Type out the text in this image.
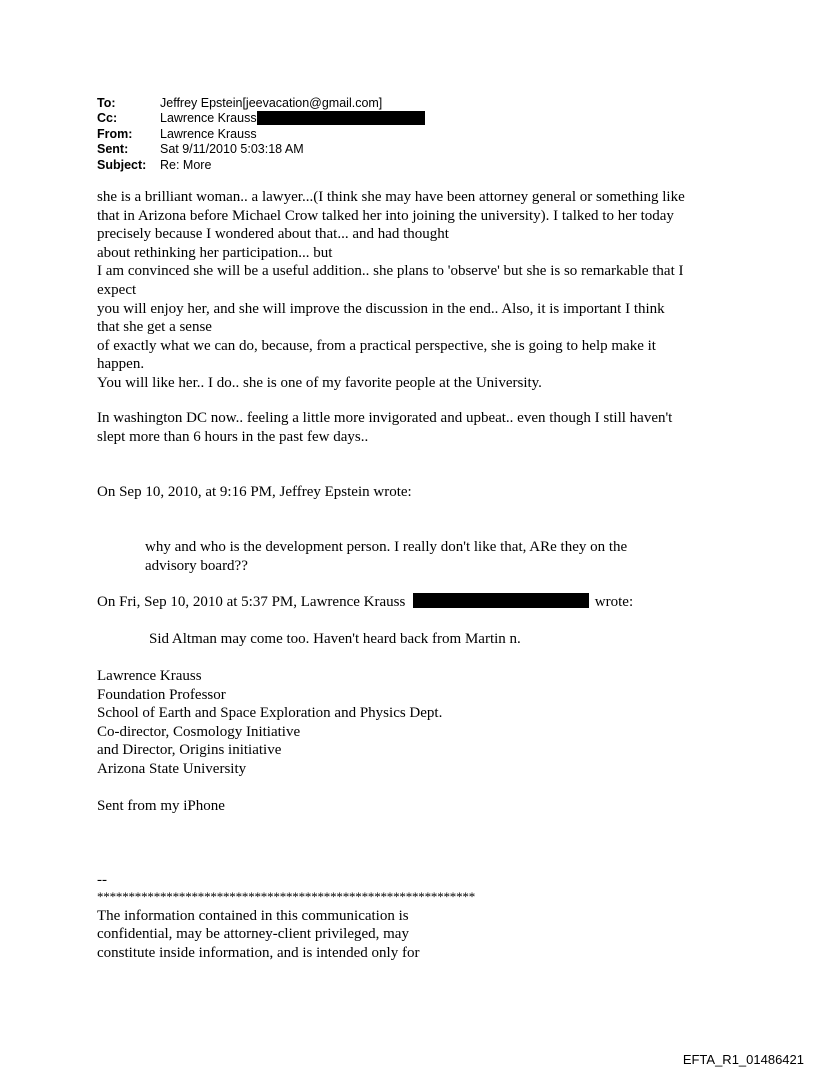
To:	Jeffrey Epstein[jeevacation@gmail.com]
Cc:	Lawrence Krauss
From:	Lawrence Krauss
Sent:	Sat 9/11/2010 5:03:18 AM
Subject:	Re: More
she is a brilliant woman.. a lawyer...(I think she may have been attorney general or something like
that in Arizona before Michael Crow talked her into joining the university). I talked to her today
precisely because I wondered about that... and had thought
about rethinking her participation... but
I am convinced she will be a useful addition.. she plans to 'observe' but she is so remarkable that I
expect
you will enjoy her, and she will improve the discussion in the end.. Also, it is important I think
that she get a sense
of exactly what we can do, because, from a practical perspective, she is going to help make it
happen.
You will like her.. I do.. she is one of my favorite people at the University.
In washington DC now.. feeling a little more invigorated and upbeat.. even though I still haven't
slept more than 6 hours in the past few days..
On Sep 10, 2010, at 9:16 PM, Jeffrey Epstein wrote:
why and who is the development person. I really don't like that, ARe they on the
advisory board??
On Fri, Sep 10, 2010 at 5:37 PM, Lawrence Krauss	wrote:
Sid Altman may come too. Haven't heard back from Martin n.
Lawrence Krauss
Foundation Professor
School of Earth and Space Exploration and Physics Dept.
Co-director, Cosmology Initiative
and Director, Origins initiative
Arizona State University
Sent from my iPhone
--
************************************************************
The information contained in this communication is
confidential, may be attorney-client privileged, may
constitute inside information, and is intended only for
EFTA_R1_01486421
